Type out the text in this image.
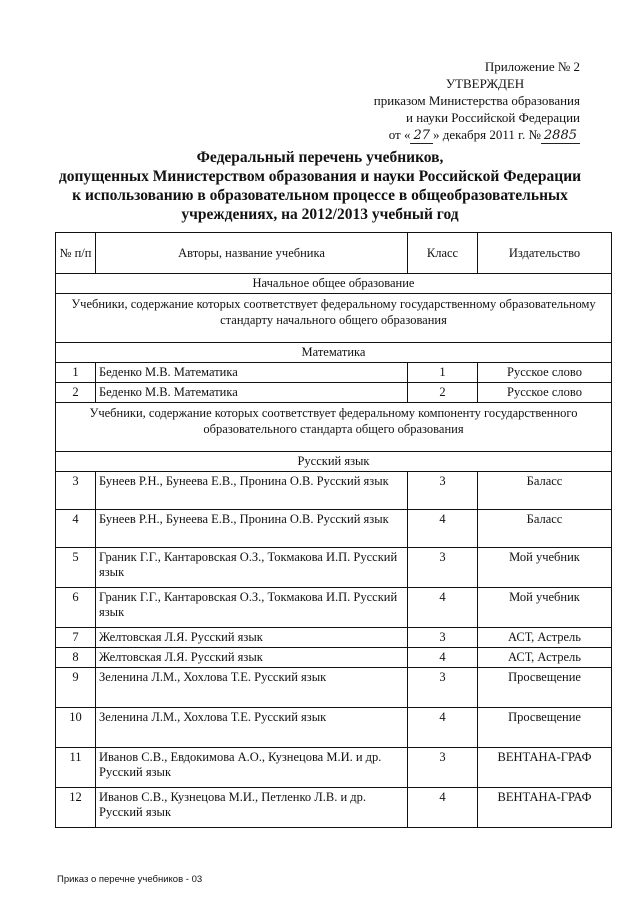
Приложение № 2
УТВЕРЖДЕН
приказом Министерства образования
и науки Российской Федерации
от « 27 » декабря 2011 г. № 2885
Федеральный перечень учебников,
допущенных Министерством образования и науки Российской Федерации
к использованию в образовательном процессе в общеобразовательных
учреждениях, на 2012/2013 учебный год
№ п/п	Авторы, название учебника	Класс	Издательство
Начальное общее образование			
Учебники, содержание которых соответствует федеральному государственному образовательному стандарту начального общего образования			
Математика			
1	Беденко М.В. Математика	1	Русское слово
2	Беденко М.В. Математика	2	Русское слово
Учебники, содержание которых соответствует федеральному компоненту государственного образовательного стандарта общего образования			
Русский язык			
3	Бунеев Р.Н., Бунеева Е.В., Пронина О.В. Русский язык	3	Баласс
4	Бунеев Р.Н., Бунеева Е.В., Пронина О.В. Русский язык	4	Баласс
5	Граник Г.Г., Кантаровская О.З., Токмакова И.П. Русский язык	3	Мой учебник
6	Граник Г.Г., Кантаровская О.З., Токмакова И.П. Русский язык	4	Мой учебник
7	Желтовская Л.Я. Русский язык	3	АСТ, Астрель
8	Желтовская Л.Я. Русский язык	4	АСТ, Астрель
9	Зеленина Л.М., Хохлова Т.Е. Русский язык	3	Просвещение
10	Зеленина Л.М., Хохлова Т.Е. Русский язык	4	Просвещение
11	Иванов С.В., Евдокимова А.О., Кузнецова М.И. и др. Русский язык	3	ВЕНТАНА-ГРАФ
12	Иванов С.В., Кузнецова М.И., Петленко Л.В. и др. Русский язык	4	ВЕНТАНА-ГРАФ
Приказ о перечне учебников - 03
